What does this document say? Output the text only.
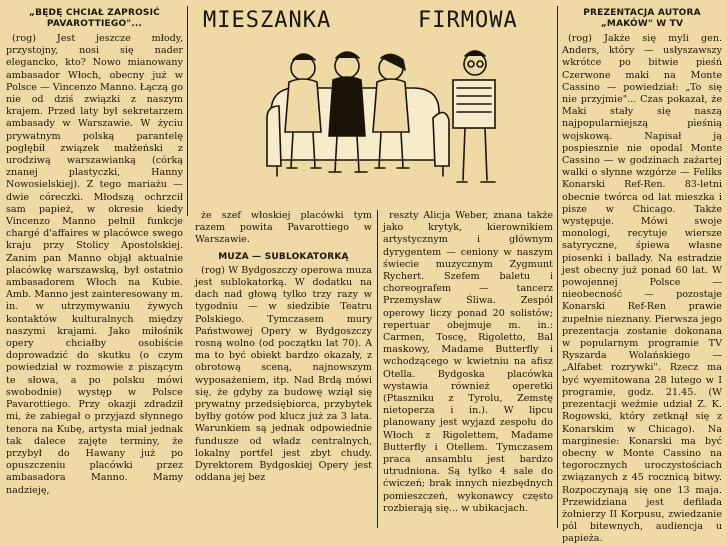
MIESZANKA	FIRMOWA
„BĘDĘ CHCIAŁ ZAPROSIĆ PAVAROTTIEGO"...

(rog) Jest jeszcze młody, przystojny, nosi się nader elegancko, kto? Nowo mianowany ambasador Włoch, obecny już w Polsce — Vincenzo Manno. Łączą go nie od dziś związki z naszym krajem. Przed laty był sekretarzem ambasady w Warszawie. W życiu prywatnym polską parantelę pogłębił związek małżeński z urodziwą warszawianką (córką znanej plastyczki, Hanny Nowosielskiej). Z tego mariażu — dwie córeczki. Młodszą ochrzcił sam papież, w okresie kiedy Vincenzo Manno pełnił funkcje chargé d'affaires w placówce swego kraju przy Stolicy Apostolskiej. Zanim pan Manno objął aktualnie placówkę warszawską, był ostatnio ambasadorem Włoch na Kubie. Amb. Manno jest zainteresowany m. in. w utrzymywaniu żywych kontaktów kulturalnych między naszymi krajami. Jako miłośnik opery chciałby osobiście doprowadzić do skutku (o czym powiedział w rozmowie z piszącym te słowa, a po polsku mówi swobodnie) występ w Polsce Pavarottiego. Przy okazji zdradził mi, że zabiegał o przyjazd słynnego tenora na Kubę, artysta miał jednak tak dalece zajęte terminy, że przybył do Hawany już po opuszczeniu placówki przez ambasadora Manno. Mamy nadzieję,

że szef włoskiej placówki tym razem powita Pavarottiego w Warszawie.

MUZA — SUBLOKATORKĄ

(rog) W Bydgoszczy operowa muza jest sublokatorką. W dodatku na dach nad głową tylko trzy razy w tygodniu — w siedzibie Teatru Polskiego. Tymczasem mury Państwowej Opery w Bydgoszczy rosną wolno (od początku lat 70). A ma to być obiekt bardzo okazały, z obrotową sceną, najnowszym wyposażeniem, itp. Nad Brdą mówi się, że gdyby za budowę wziął się prywatny przedsiębiorca, przybytek byłby gotów pod klucz już za 3 lata. Warunkiem są jednak odpowiednie fundusze od władz centralnych, lokalny portfel jest zbyt chudy. Dyrektorem Bydgoskiej Opery jest oddana jej bez

reszty Alicja Weber, znana także jako krytyk, kierownikiem artystycznym i głównym dyrygentem — ceniony w naszym świecie muzycznym Zygmunt Rychert. Szefem baletu i choreografem — tancerz Przemysław Śliwa. Zespół operowy liczy ponad 20 solistów; repertuar obejmuje m. in.: Carmen, Toscę, Rigoletto, Bal maskowy, Madame Butterfly i wchodzącego w kwietniu na afisz Otella. Bydgoska placówka wystawia również operetki (Ptaszniku z Tyrolu, Zemstę nietoperza i in.). W lipcu planowany jest wyjazd zespołu do Włoch z Rigolettem, Madame Butterfly i Otellem. Tymczasem praca ansamblu jest bardzo utrudniona. Są tylko 4 sale do ćwiczeń; brak innych niezbędnych pomieszczeń, wykonawcy często rozbierają się... w ubikacjach.

PREZENTACJA AUTORA „MAKÓW" W TV

(rog) Jakże się myli gen. Anders, który — usłyszawszy wkrótce po bitwie pieśń Czerwone maki na Monte Cassino — powiedział: „To się nie przyjmie"... Czas pokazał, że Maki stały się naszą najpopularniejszą pieśnią wojskową. Napisał ją pospiesznie nie opodal Monte Cassino — w godzinach zażartej walki o słynne wzgórze — Feliks Konarski Ref-Ren. 83-letni obecnie twórca od lat mieszka i pisze w Chicago. Także występuje. Mówi swoje monologi, recytuje wiersze satyryczne, śpiewa własne piosenki i ballady. Na estradzie jest obecny już ponad 60 lat. W powojennej Polsce — nieobecność — pozostaje Konarski Ref-Ren prawie zupełnie nieznany. Pierwsza jego prezentacja zostanie dokonana w popularnym programie TV Ryszarda Wolańskiego — „Alfabet rozrywki". Rzecz ma być wyemitowana 28 lutego w I programie, godz. 21.45. (W prezentacji weźmie udział Z. K. Rogowski, który zetknął się z Konarskim w Chicago). Na marginesie: Konarski ma być obecny w Monte Cassino na tegorocznych uroczystościach związanych z 45 rocznicą bitwy. Rozpoczynają się one 13 maja. Przewidziana jest defilada żołnierzy II Korpusu, zwiedzanie pól bitewnych, audiencja u papieża.
